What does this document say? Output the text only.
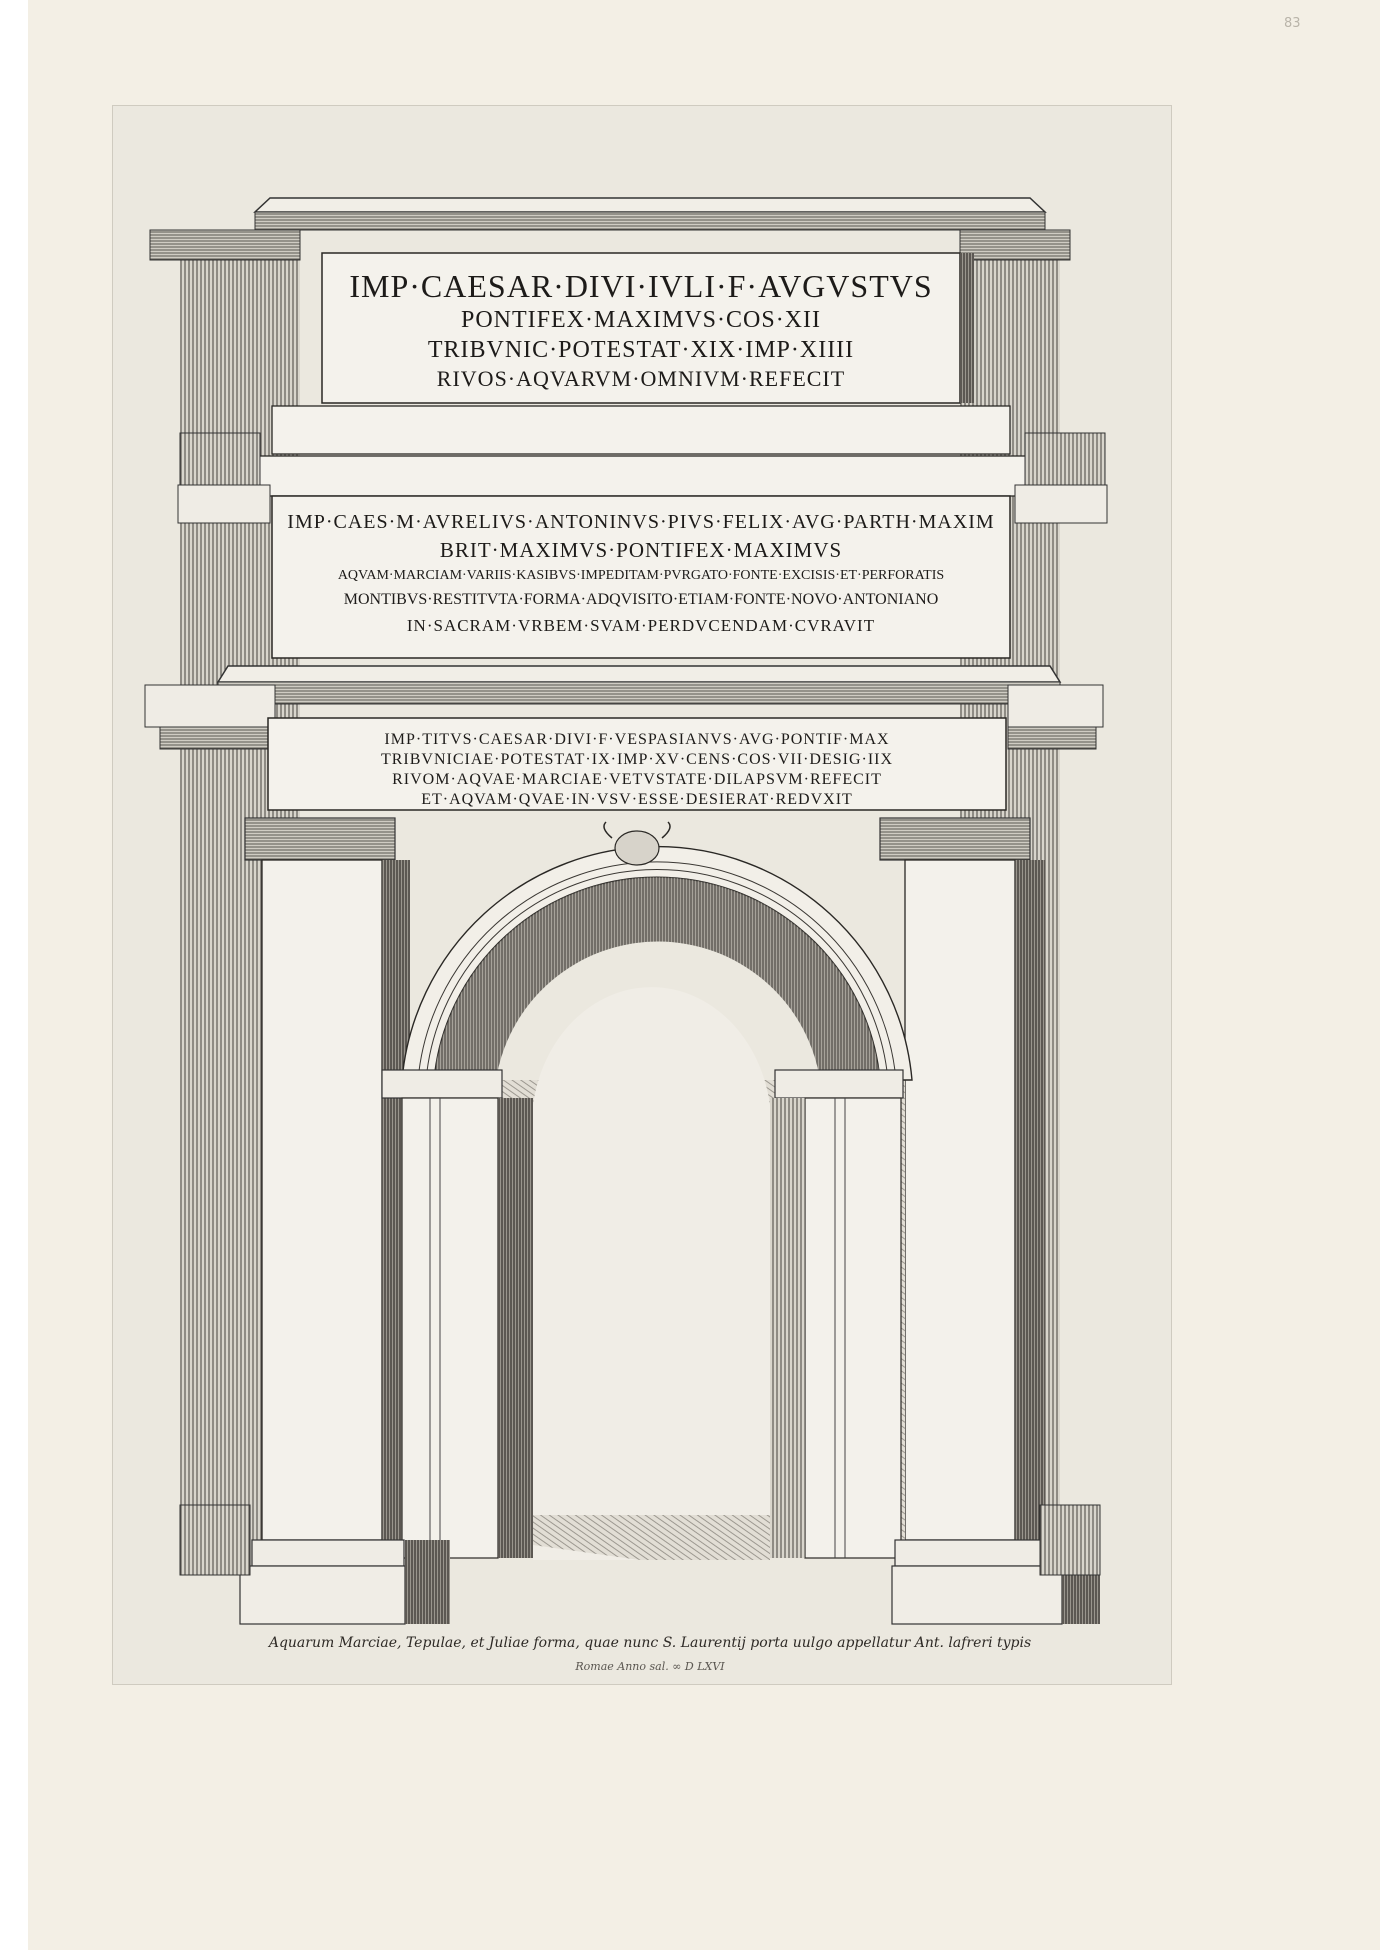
83
IMP·CAESAR·DIVI·IVLI·F·AVGVSTVS
PONTIFEX·MAXIMVS·COS·XII
TRIBVNIC·POTESTAT·XIX·IMP·XIIII
RIVOS·AQVARVM·OMNIVM·REFECIT
IMP·CAES·M·AVRELIVS·ANTONINVS·PIVS·FELIX·AVG·PARTH·MAXIM
BRIT·MAXIMVS·PONTIFEX·MAXIMVS
AQVAM·MARCIAM·VARIIS·KASIBVS·IMPEDITAM·PVRGATO·FONTE·EXCISIS·ET·PERFORATIS
MONTIBVS·RESTITVTA·FORMA·ADQVISITO·ETIAM·FONTE·NOVO·ANTONIANO
IN·SACRAM·VRBEM·SVAM·PERDVCENDAM·CVRAVIT
IMP·TITVS·CAESAR·DIVI·F·VESPASIANVS·AVG·PONTIF·MAX
TRIBVNICIAE·POTESTAT·IX·IMP·XV·CENS·COS·VII·DESIG·IIX
RIVOM·AQVAE·MARCIAE·VETVSTATE·DILAPSVM·REFECIT
ET·AQVAM·QVAE·IN·VSV·ESSE·DESIERAT·REDVXIT
Aquarum Marciae, Tepulae, et Juliae forma, quae nunc S. Laurentij porta uulgo appellatur Ant. lafreri typis
Romae Anno sal. ∞ D LXVI
